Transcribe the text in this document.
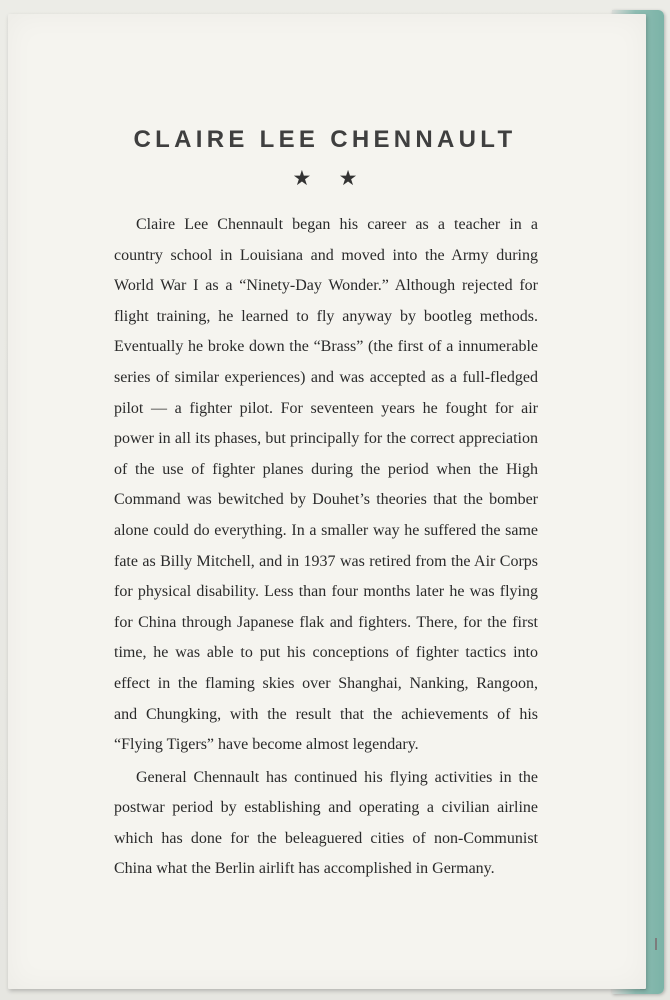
CLAIRE LEE CHENNAULT
★ ★
Claire Lee Chennault began his career as a teacher in a
country school in Louisiana and moved into the Army during
World War I as a “Ninety-Day Wonder.” Although rejected for
flight training, he learned to fly anyway by bootleg methods.
Eventually he broke down the “Brass” (the first of a innumerable
series of similar experiences) and was accepted as a full-fledged
pilot — a fighter pilot. For seventeen years he fought for air
power in all its phases, but principally for the correct appreciation
of the use of fighter planes during the period when the High
Command was bewitched by Douhet’s theories that the bomber
alone could do everything. In a smaller way he suffered the same
fate as Billy Mitchell, and in 1937 was retired from the Air Corps
for physical disability. Less than four months later he was flying
for China through Japanese flak and fighters. There, for the first
time, he was able to put his conceptions of fighter tactics into
effect in the flaming skies over Shanghai, Nanking, Rangoon,
and Chungking, with the result that the achievements of his
“Flying Tigers” have become almost legendary.
General Chennault has continued his flying activities in the
postwar period by establishing and operating a civilian airline
which has done for the beleaguered cities of non-Communist
China what the Berlin airlift has accomplished in Germany.
